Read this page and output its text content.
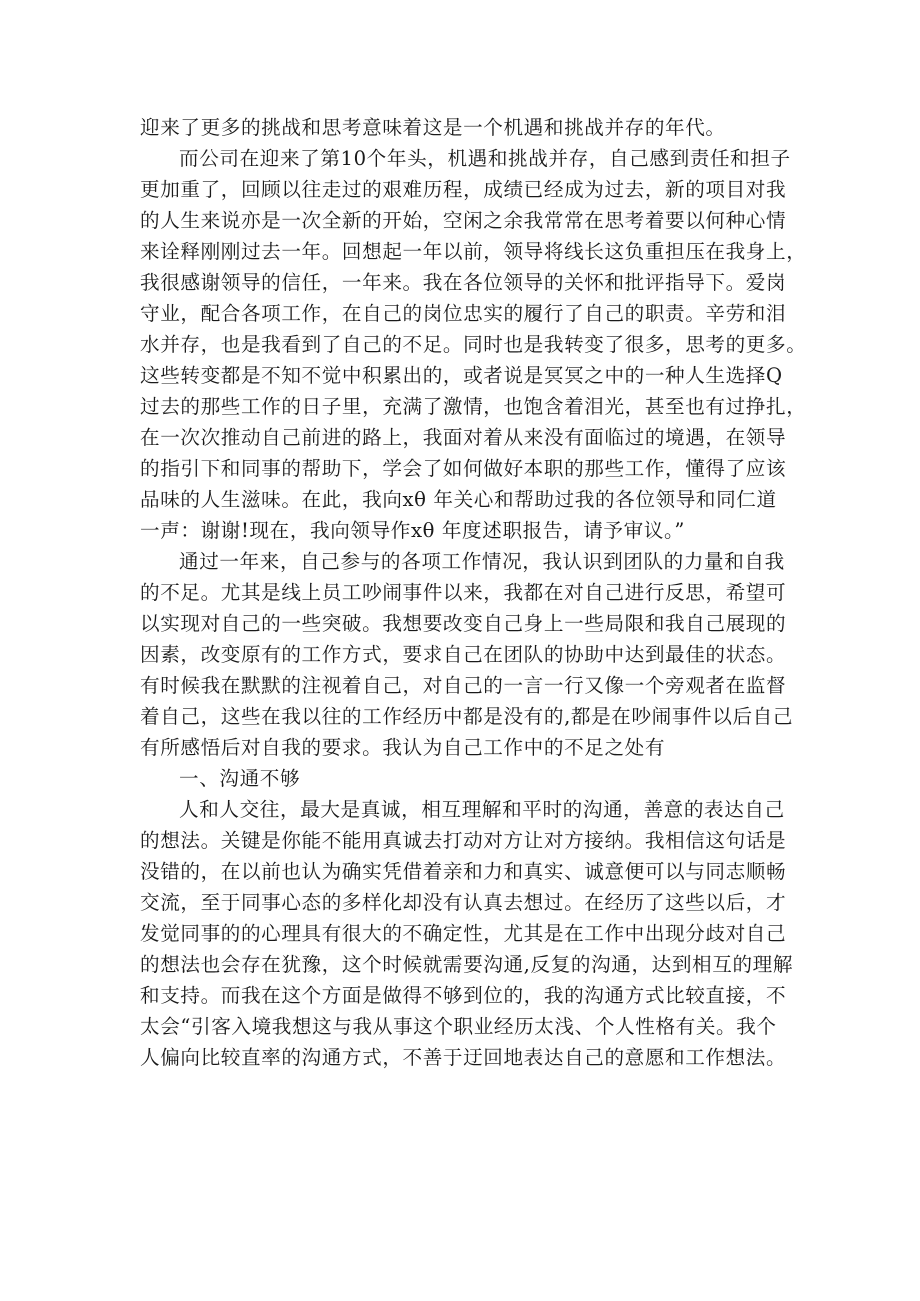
迎来了更多的挑战和思考意味着这是一个机遇和挑战并存的年代。
而公司在迎来了第10个年头，机遇和挑战并存，自己感到责任和担子
更加重了，回顾以往走过的艰难历程，成绩已经成为过去，新的项目对我
的人生来说亦是一次全新的开始，空闲之余我常常在思考着要以何种心情
来诠释刚刚过去一年。回想起一年以前，领导将线长这负重担压在我身上，
我很感谢领导的信任，一年来。我在各位领导的关怀和批评指导下。爱岗
守业，配合各项工作，在自己的岗位忠实的履行了自己的职责。辛劳和泪
水并存，也是我看到了自己的不足。同时也是我转变了很多，思考的更多。
这些转变都是不知不觉中积累出的，或者说是冥冥之中的一种人生选择Q
过去的那些工作的日子里，充满了激情，也饱含着泪光，甚至也有过挣扎，
在一次次推动自己前进的路上，我面对着从来没有面临过的境遇，在领导
的指引下和同事的帮助下，学会了如何做好本职的那些工作，懂得了应该
品味的人生滋味。在此，我向xθ 年关心和帮助过我的各位领导和同仁道
一声：谢谢!现在，我向领导作xθ 年度述职报告，请予审议。”
通过一年来，自己参与的各项工作情况，我认识到团队的力量和自我
的不足。尤其是线上员工吵闹事件以来，我都在对自己进行反思，希望可
以实现对自己的一些突破。我想要改变自己身上一些局限和我自己展现的
因素，改变原有的工作方式，要求自己在团队的协助中达到最佳的状态。
有时候我在默默的注视着自己，对自己的一言一行又像一个旁观者在监督
着自己，这些在我以往的工作经历中都是没有的,都是在吵闹事件以后自己
有所感悟后对自我的要求。我认为自己工作中的不足之处有
一、沟通不够
人和人交往，最大是真诚，相互理解和平时的沟通，善意的表达自己
的想法。关键是你能不能用真诚去打动对方让对方接纳。我相信这句话是
没错的，在以前也认为确实凭借着亲和力和真实、诚意便可以与同志顺畅
交流，至于同事心态的多样化却没有认真去想过。在经历了这些以后，才
发觉同事的的心理具有很大的不确定性，尤其是在工作中出现分歧对自己
的想法也会存在犹豫，这个时候就需要沟通,反复的沟通，达到相互的理解
和支持。而我在这个方面是做得不够到位的，我的沟通方式比较直接，不
太会“引客入境我想这与我从事这个职业经历太浅、个人性格有关。我个
人偏向比较直率的沟通方式，不善于迂回地表达自己的意愿和工作想法。
